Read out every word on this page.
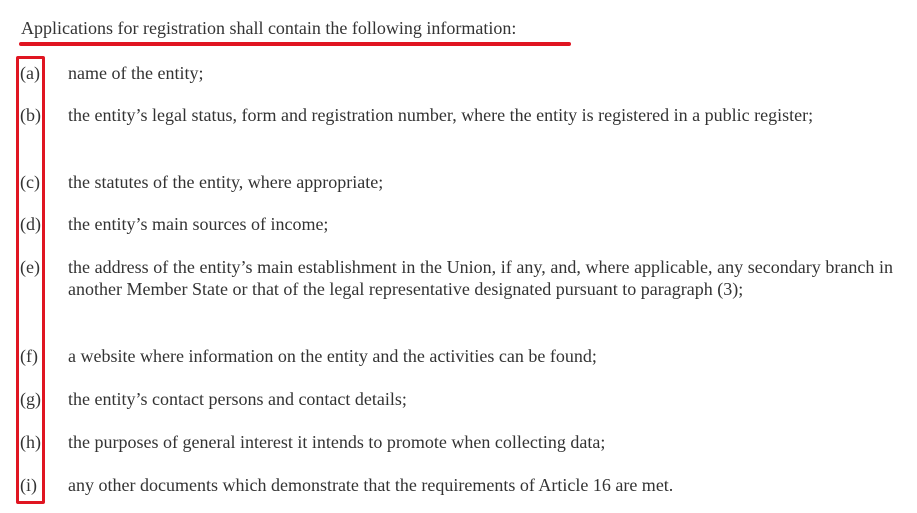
Applications for registration shall contain the following information:

(a) name of the entity;

(b) the entity’s legal status, form and registration number, where the entity is registered in a public register;

(c) the statutes of the entity, where appropriate;

(d) the entity’s main sources of income;

(e) the address of the entity’s main establishment in the Union, if any, and, where applicable, any secondary branch in another Member State or that of the legal representative designated pursuant to paragraph (3);

(f) a website where information on the entity and the activities can be found;

(g) the entity’s contact persons and contact details;

(h) the purposes of general interest it intends to promote when collecting data;

(i) any other documents which demonstrate that the requirements of Article 16 are met.
